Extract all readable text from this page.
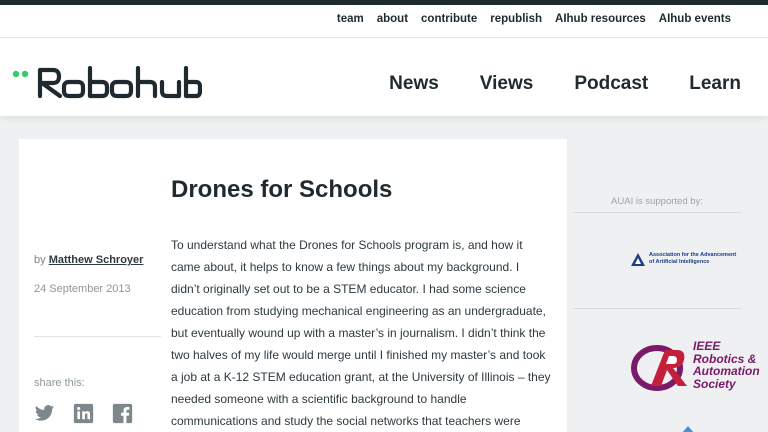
team about contribute republish AIhub resources AIhub events
News Views Podcast Learn
Drones for Schools
by Matthew Schroyer
24 September 2013
share this:
To understand what the Drones for Schools program is, and how it
came about, it helps to know a few things about my background. I
didn’t originally set out to be a STEM educator. I had some science
education from studying mechanical engineering as an undergraduate,
but eventually wound up with a master’s in journalism. I didn’t think the
two halves of my life would merge until I finished my master’s and took
a job at a K-12 STEM education grant, at the University of Illinois – they
needed someone with a scientific background to handle
communications and study the social networks that teachers were
AUAI is supported by:
Association for the Advancement
of Artificial Intelligence
IEEE
Robotics &
Automation
Society
